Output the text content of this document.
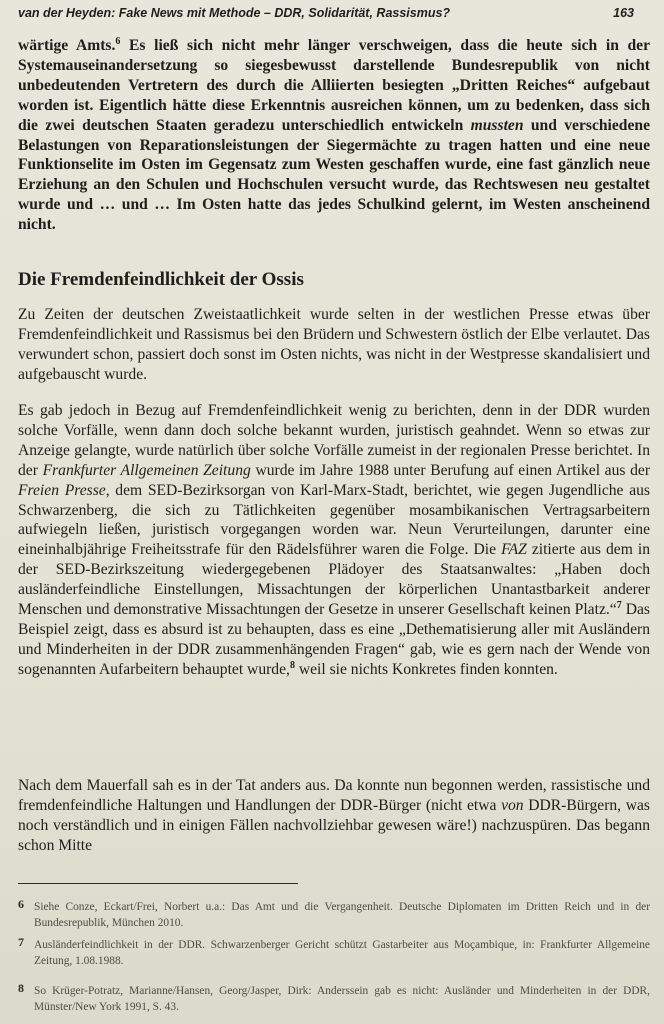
van der Heyden: Fake News mit Methode – DDR, Solidarität, Rassismus?	163

wärtige Amts.$^6$ Es ließ sich nicht mehr länger verschweigen, dass die heute sich in der Systemauseinandersetzung so siegesbewusst darstellende Bundesrepublik von nicht unbedeutenden Vertretern des durch die Alliierten besiegten „Dritten Reiches“ aufgebaut worden ist. Eigentlich hätte diese Erkenntnis ausreichen können, um zu bedenken, dass sich die zwei deutschen Staaten geradezu unterschiedlich entwickeln mussten und verschiedene Belastungen von Reparationsleistungen der Siegermächte zu tragen hatten und eine neue Funktionselite im Osten im Gegensatz zum Westen geschaffen wurde, eine fast gänzlich neue Erziehung an den Schulen und Hochschulen versucht wurde, das Rechtswesen neu gestaltet wurde und … und … Im Osten hatte das jedes Schulkind gelernt, im Westen anscheinend nicht.

Die Fremdenfeindlichkeit der Ossis

Zu Zeiten der deutschen Zweistaatlichkeit wurde selten in der westlichen Presse etwas über Fremdenfeindlichkeit und Rassismus bei den Brüdern und Schwestern östlich der Elbe verlautet. Das verwundert schon, passiert doch sonst im Osten nichts, was nicht in der Westpresse skandalisiert und aufgebauscht wurde.

Es gab jedoch in Bezug auf Fremdenfeindlichkeit wenig zu berichten, denn in der DDR wurden solche Vorfälle, wenn dann doch solche bekannt wurden, juristisch geahndet. Wenn so etwas zur Anzeige gelangte, wurde natürlich über solche Vorfälle zumeist in der regionalen Presse berichtet. In der Frankfurter Allgemeinen Zeitung wurde im Jahre 1988 unter Berufung auf einen Artikel aus der Freien Presse, dem SED-Bezirksorgan von Karl-Marx-Stadt, berichtet, wie gegen Jugendliche aus Schwarzenberg, die sich zu Tätlichkeiten gegenüber mosambikanischen Vertragsarbeitern aufwiegeln ließen, juristisch vorgegangen worden war. Neun Verurteilungen, darunter eine eineinhalbjährige Freiheitsstrafe für den Rädelsführer waren die Folge. Die FAZ zitierte aus dem in der SED-Bezirkszeitung wiedergegebenen Plädoyer des Staatsanwaltes: „Haben doch ausländerfeindliche Einstellungen, Missachtungen der körperlichen Unantastbarkeit anderer Menschen und demonstrative Missachtungen der Gesetze in unserer Gesellschaft keinen Platz.“$^7$ Das Beispiel zeigt, dass es absurd ist zu behaupten, dass es eine „Dethematisierung aller mit Ausländern und Minderheiten in der DDR zusammenhängenden Fragen“ gab, wie es gern nach der Wende von sogenannten Aufarbeitern behauptet wurde,$^8$ weil sie nichts Konkretes finden konnten.

Nach dem Mauerfall sah es in der Tat anders aus. Da konnte nun begonnen werden, rassistische und fremdenfeindliche Haltungen und Handlungen der DDR-Bürger (nicht etwa von DDR-Bürgern, was noch verständlich und in einigen Fällen nachvollziehbar gewesen wäre!) nachzuspüren. Das begann schon Mitte

6 Siehe Conze, Eckart/Frei, Norbert u.a.: Das Amt und die Vergangenheit. Deutsche Diplomaten im Dritten Reich und in der Bundesrepublik, München 2010.
7 Ausländerfeindlichkeit in der DDR. Schwarzenberger Gericht schützt Gastarbeiter aus Moçambique, in: Frankfurter Allgemeine Zeitung, 1.08.1988.
8 So Krüger-Potratz, Marianne/Hansen, Georg/Jasper, Dirk: Anderssein gab es nicht: Ausländer und Minderheiten in der DDR, Münster/New York 1991, S. 43.
